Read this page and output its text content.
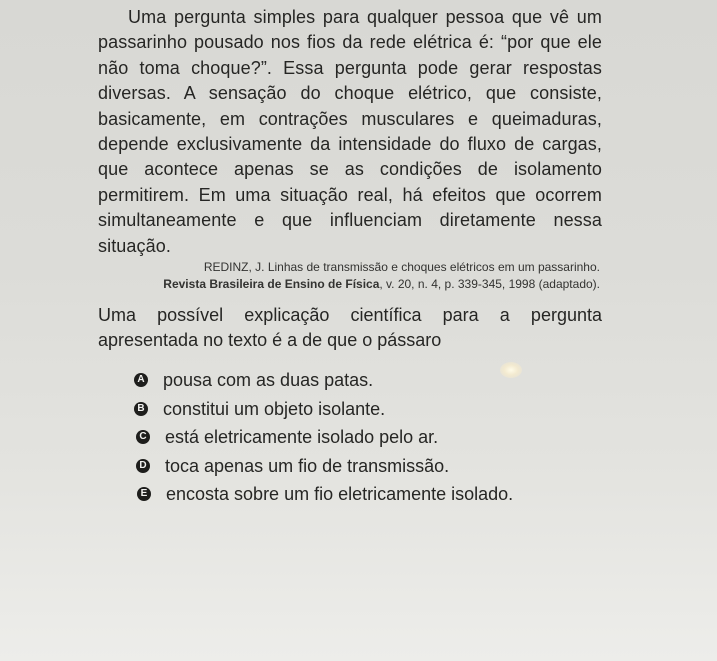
Uma pergunta simples para qualquer pessoa que vê um passarinho pousado nos fios da rede elétrica é: “por que ele não toma choque?”. Essa pergunta pode gerar respostas diversas. A sensação do choque elétrico, que consiste, basicamente, em contrações musculares e queimaduras, depende exclusivamente da intensidade do fluxo de cargas, que acontece apenas se as condições de isolamento permitirem. Em uma situação real, há efeitos que ocorrem simultaneamente e que influenciam diretamente nessa situação.

REDINZ, J. Linhas de transmissão e choques elétricos em um passarinho.
Revista Brasileira de Ensino de Física, v. 20, n. 4, p. 339-345, 1998 (adaptado).

Uma possível explicação científica para a pergunta apresentada no texto é a de que o pássaro

A pousa com as duas patas.
B constitui um objeto isolante.
C está eletricamente isolado pelo ar.
D toca apenas um fio de transmissão.
E encosta sobre um fio eletricamente isolado.
